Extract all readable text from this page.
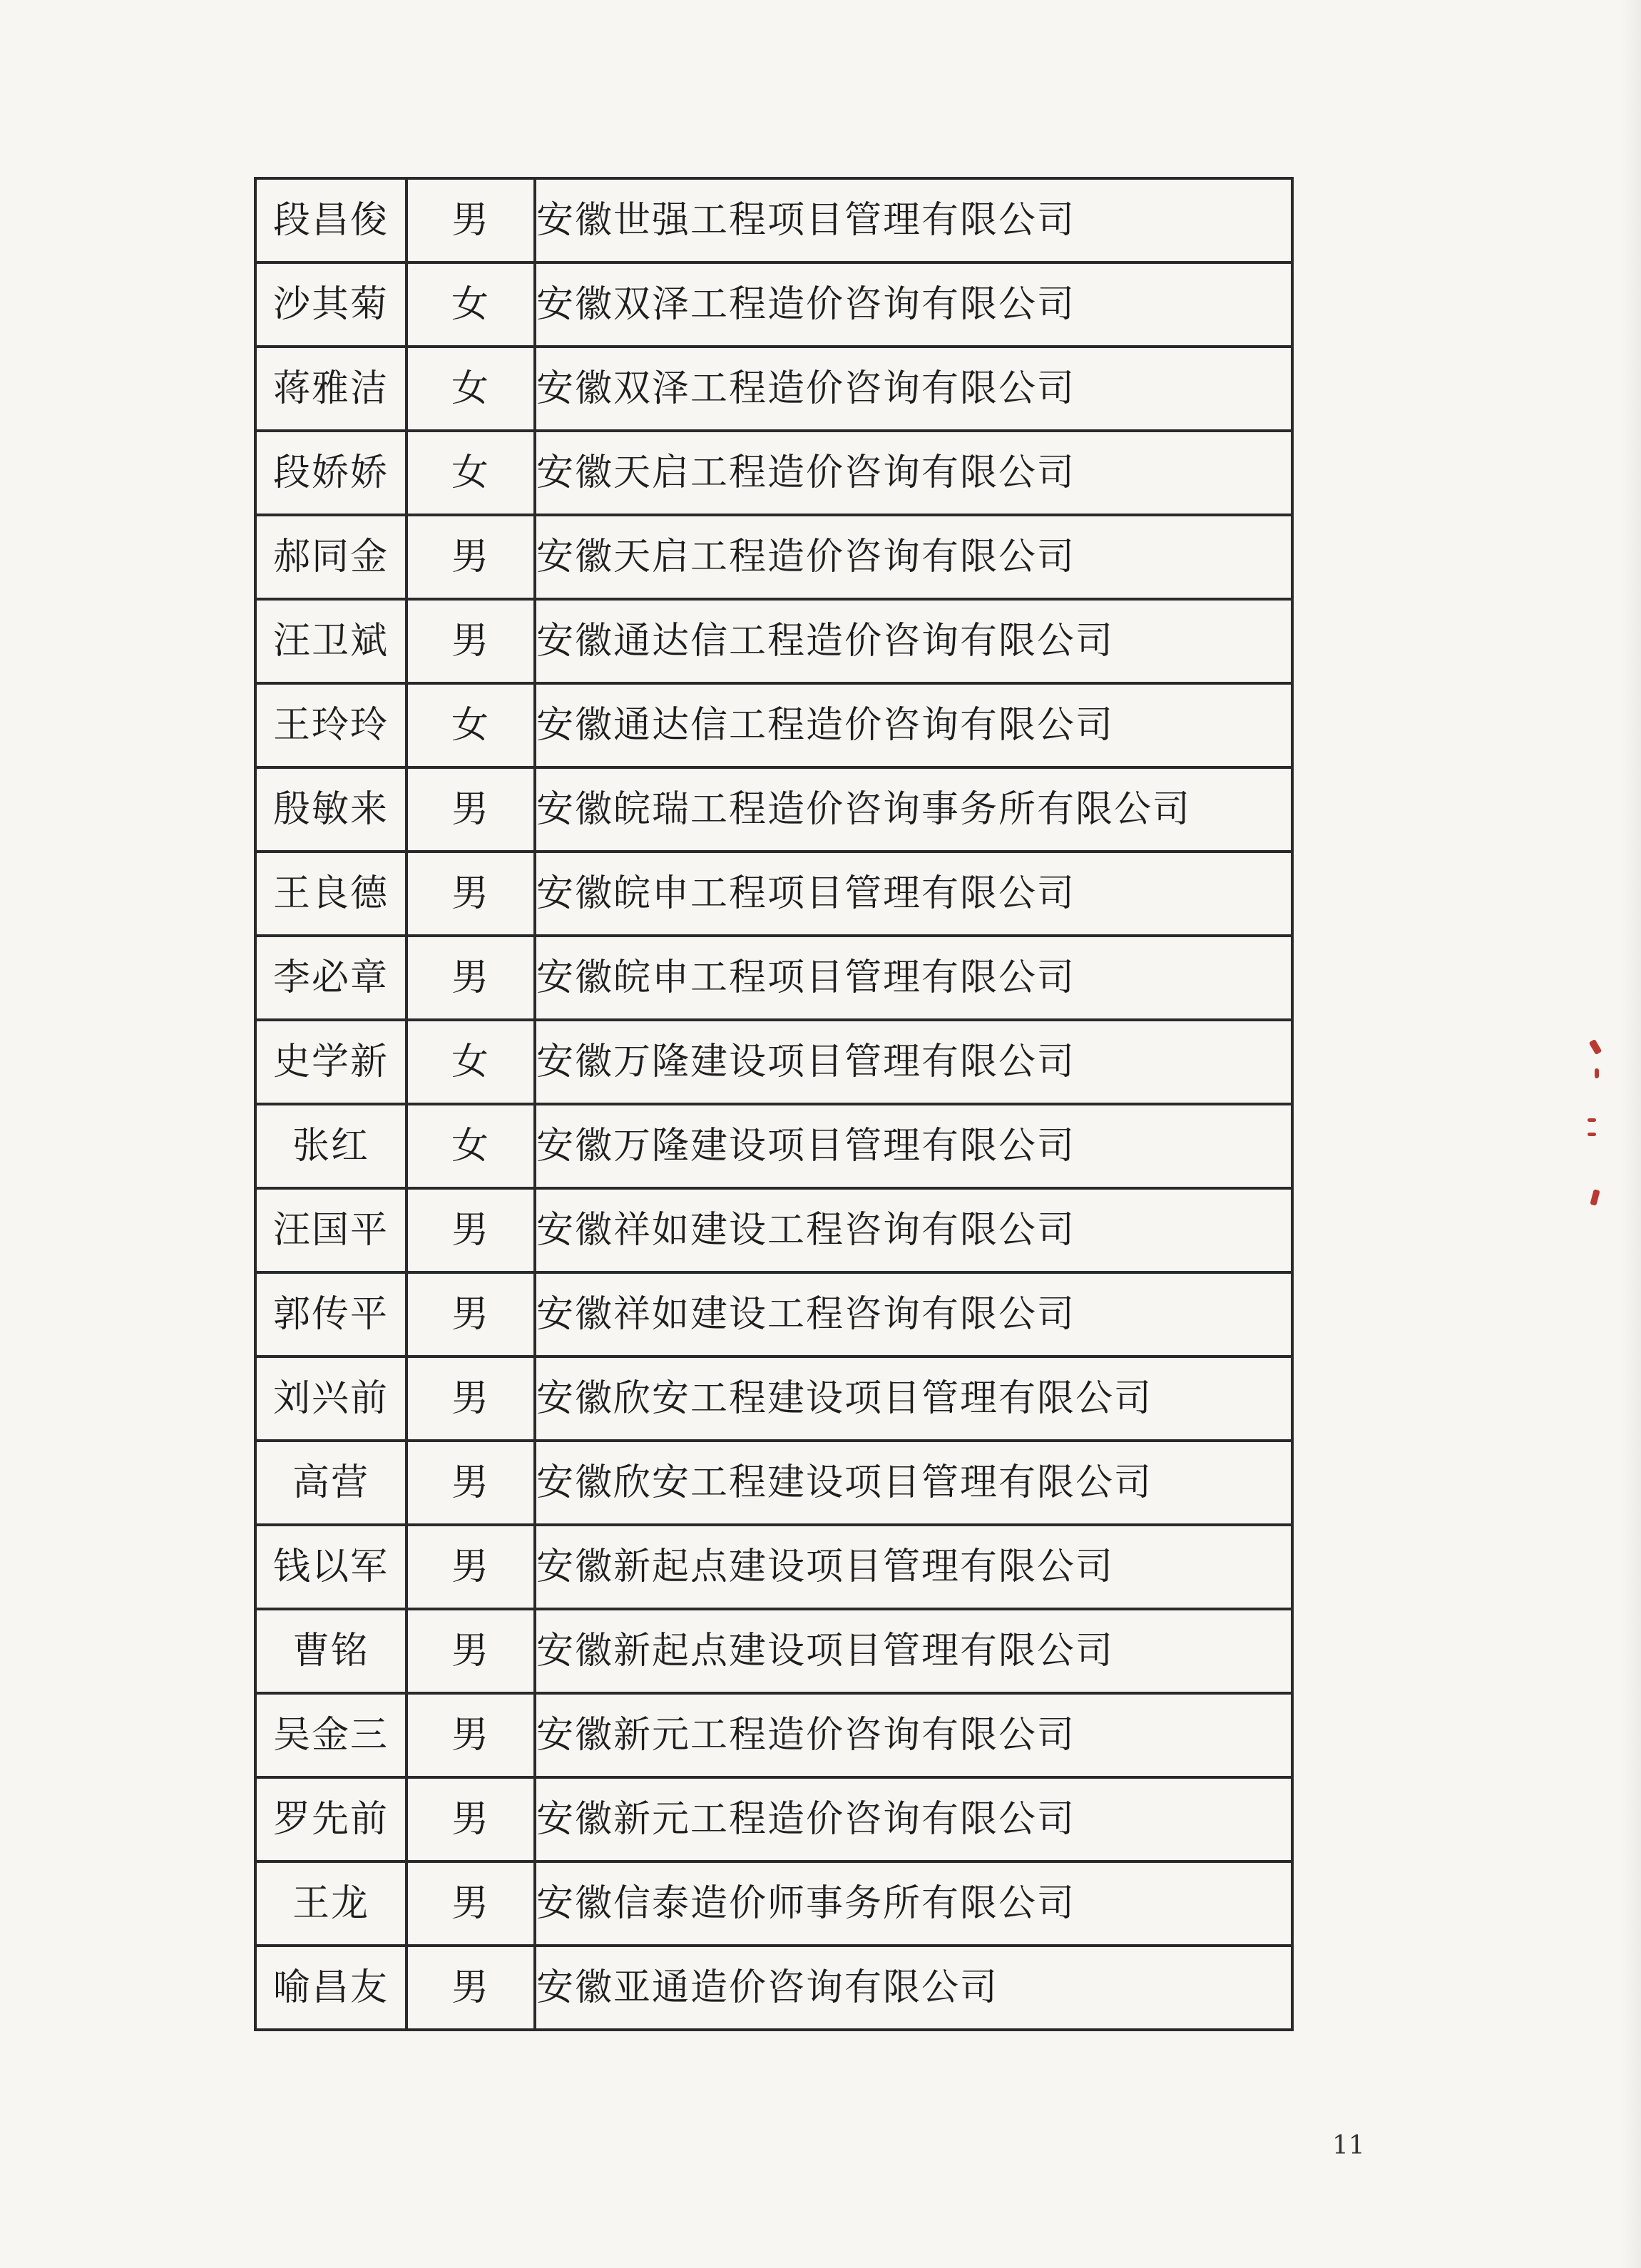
段昌俊	男	安徽世强工程项目管理有限公司
沙其菊	女	安徽双泽工程造价咨询有限公司
蒋雅洁	女	安徽双泽工程造价咨询有限公司
段娇娇	女	安徽天启工程造价咨询有限公司
郝同金	男	安徽天启工程造价咨询有限公司
汪卫斌	男	安徽通达信工程造价咨询有限公司
王玲玲	女	安徽通达信工程造价咨询有限公司
殷敏来	男	安徽皖瑞工程造价咨询事务所有限公司
王良德	男	安徽皖申工程项目管理有限公司
李必章	男	安徽皖申工程项目管理有限公司
史学新	女	安徽万隆建设项目管理有限公司
张红	女	安徽万隆建设项目管理有限公司
汪国平	男	安徽祥如建设工程咨询有限公司
郭传平	男	安徽祥如建设工程咨询有限公司
刘兴前	男	安徽欣安工程建设项目管理有限公司
高营	男	安徽欣安工程建设项目管理有限公司
钱以军	男	安徽新起点建设项目管理有限公司
曹铭	男	安徽新起点建设项目管理有限公司
吴金三	男	安徽新元工程造价咨询有限公司
罗先前	男	安徽新元工程造价咨询有限公司
王龙	男	安徽信泰造价师事务所有限公司
喻昌友	男	安徽亚通造价咨询有限公司
11
